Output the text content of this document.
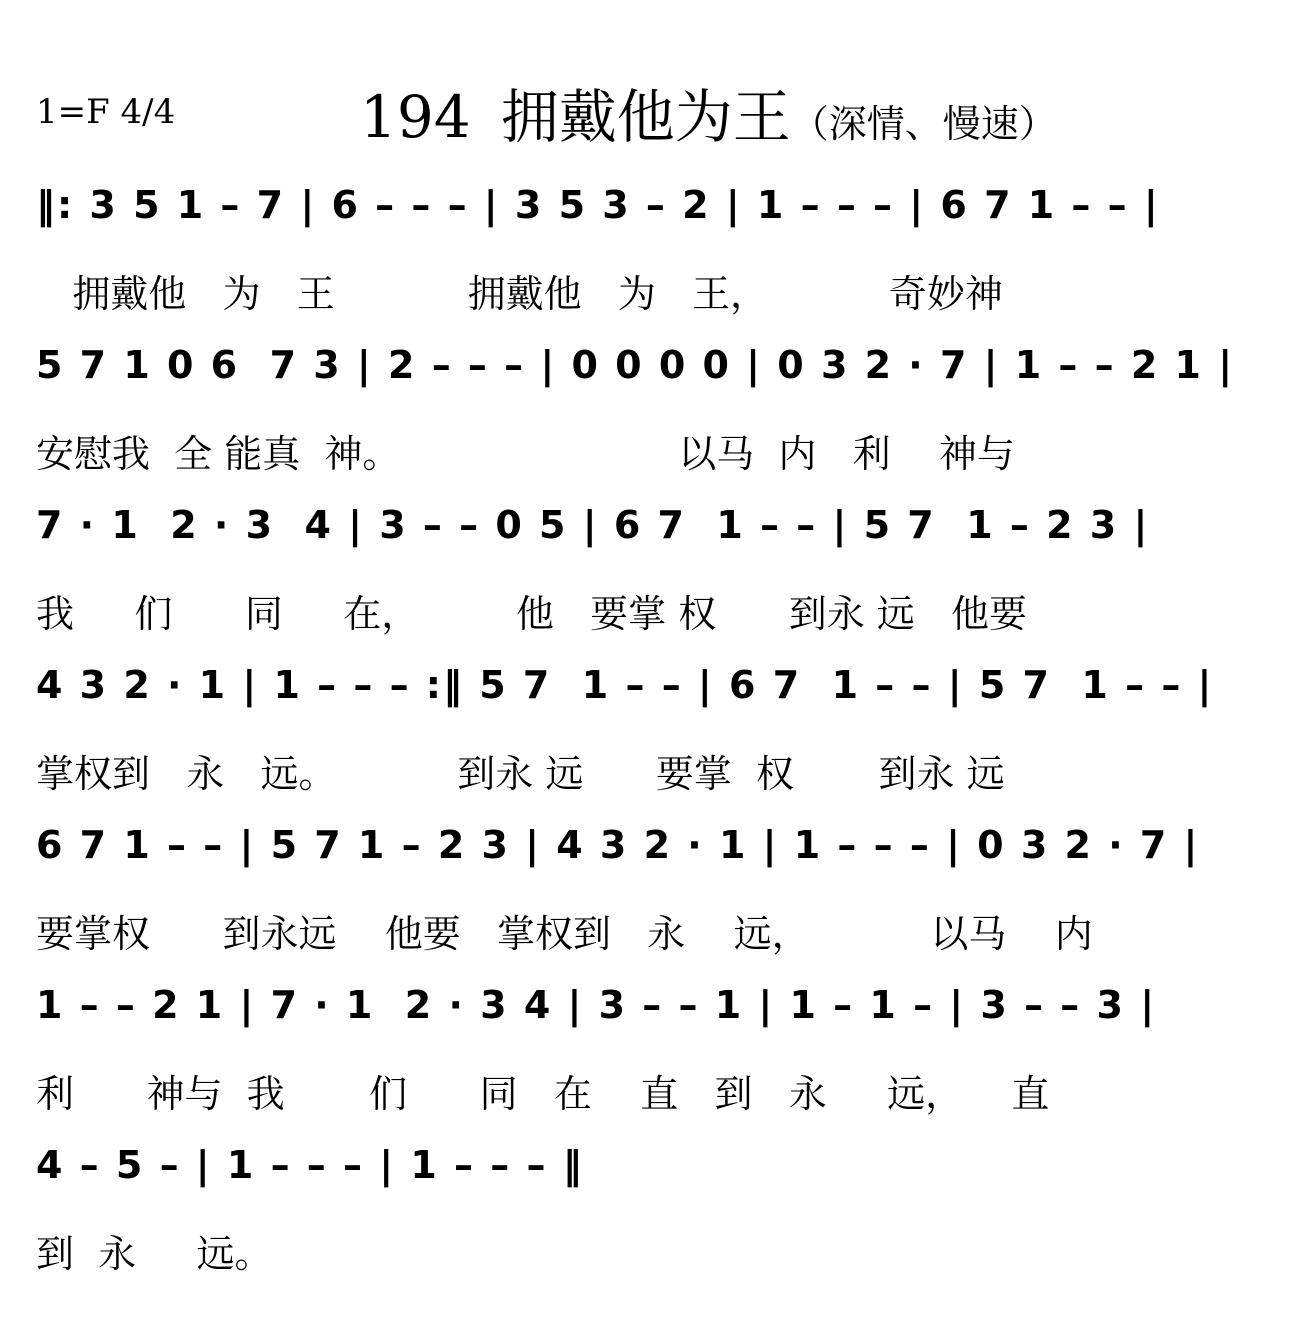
1=F 4/4	194 拥戴他为王（深情、慢速）
‖: 3 5 1 – 7 | 6 – – – | 3 5 3 – 2 | 1 – – – | 6 7 1 – – |
拥戴他   为   王           拥戴他   为   王，          奇妙神
5 7 1 0 6  7 3 | 2 – – – | 0 0 0 0 | 0 3 2 · 7 | 1 – – 2 1 |
安慰我  全 能真  神。                       以马  内   利    神与
7 · 1  2 · 3  4 | 3 – – 0 5 | 6 7  1 – – | 5 7  1 – 2 3 |
我     们      同     在，        他   要掌 权      到永 远   他要
4 3 2 · 1 | 1 – – – :‖ 5 7  1 – – | 6 7  1 – – | 5 7  1 – – |
掌权到   永   远。          到永 远      要掌  权       到永 远
6 7 1 – – | 5 7 1 – 2 3 | 4 3 2 · 1 | 1 – – – | 0 3 2 · 7 |
要掌权      到永远    他要   掌权到   永    远，          以马    内
1 – – 2 1 | 7 · 1  2 · 3 4 | 3 – – 1 | 1 – 1 – | 3 – – 3 |
利      神与  我       们      同   在    直   到   永     远，    直
4 – 5 – | 1 – – – | 1 – – – ‖
到  永     远。
